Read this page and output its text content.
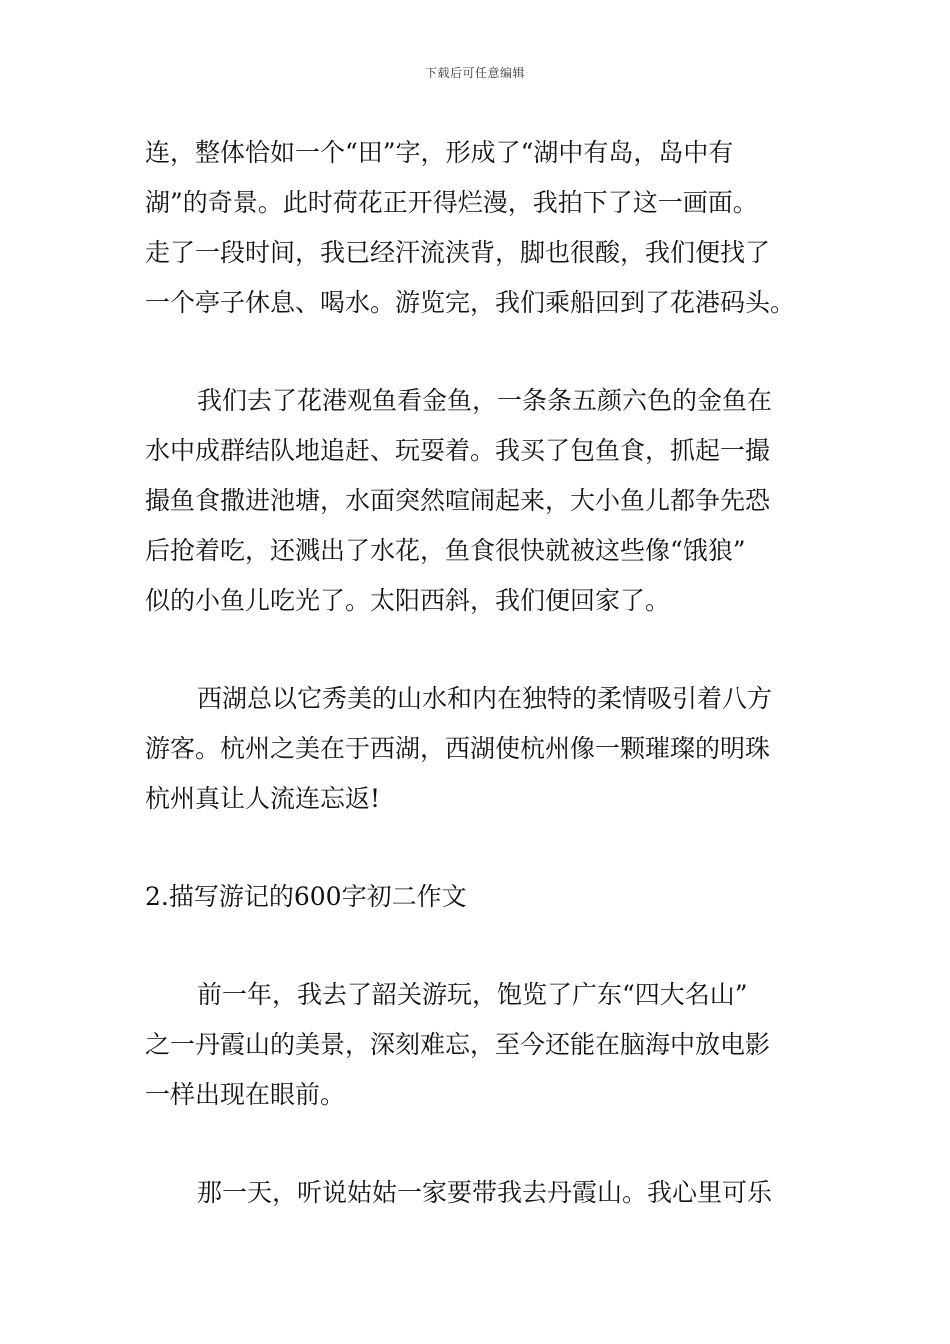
下载后可任意编辑
连，整体恰如一个“田”字，形成了“湖中有岛，岛中有
湖”的奇景。此时荷花正开得烂漫，我拍下了这一画面。
走了一段时间，我已经汗流浃背，脚也很酸，我们便找了
一个亭子休息、喝水。游览完，我们乘船回到了花港码头。
我们去了花港观鱼看金鱼，一条条五颜六色的金鱼在
水中成群结队地追赶、玩耍着。我买了包鱼食，抓起一撮
撮鱼食撒进池塘，水面突然喧闹起来，大小鱼儿都争先恐
后抢着吃，还溅出了水花，鱼食很快就被这些像“饿狼”
似的小鱼儿吃光了。太阳西斜，我们便回家了。
西湖总以它秀美的山水和内在独特的柔情吸引着八方
游客。杭州之美在于西湖，西湖使杭州像一颗璀璨的明珠
杭州真让人流连忘返!
2.描写游记的600字初二作文
前一年，我去了韶关游玩，饱览了广东“四大名山”
之一丹霞山的美景，深刻难忘，至今还能在脑海中放电影
一样出现在眼前。
那一天，听说姑姑一家要带我去丹霞山。我心里可乐
